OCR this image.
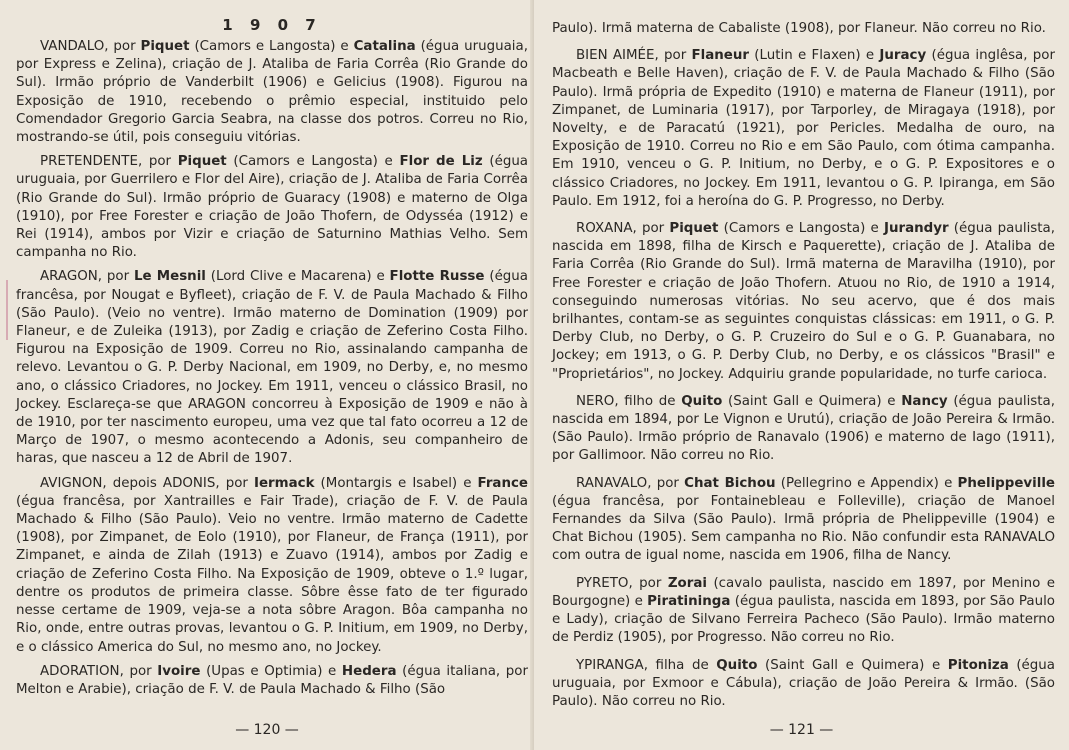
1 9 0 7

VANDALO, por Piquet (Camors e Langosta) e Catalina (égua uruguaia, por Express e Zelina), criação de J. Ataliba de Faria Corrêa (Rio Grande do Sul). Irmão próprio de Vanderbilt (1906) e Gelicius (1908). Figurou na Exposição de 1910, recebendo o prêmio especial, instituido pelo Comendador Gregorio Garcia Seabra, na classe dos potros. Correu no Rio, mostrando-se útil, pois conseguiu vitórias.

PRETENDENTE, por Piquet (Camors e Langosta) e Flor de Liz (égua uruguaia, por Guerrilero e Flor del Aire), criação de J. Ataliba de Faria Corrêa (Rio Grande do Sul). Irmão próprio de Guaracy (1908) e materno de Olga (1910), por Free Forester e criação de João Thofern, de Odysséa (1912) e Rei (1914), ambos por Vizir e criação de Saturnino Mathias Velho. Sem campanha no Rio.

ARAGON, por Le Mesnil (Lord Clive e Macarena) e Flotte Russe (égua francêsa, por Nougat e Byfleet), criação de F. V. de Paula Machado & Filho (São Paulo). (Veio no ventre). Irmão materno de Domination (1909) por Flaneur, e de Zuleika (1913), por Zadig e criação de Zeferino Costa Filho. Figurou na Exposição de 1909. Correu no Rio, assinalando campanha de relevo. Levantou o G. P. Derby Nacional, em 1909, no Derby, e, no mesmo ano, o clássico Criadores, no Jockey. Em 1911, venceu o clássico Brasil, no Jockey. Esclareça-se que ARAGON concorreu à Exposição de 1909 e não à de 1910, por ter nascimento europeu, uma vez que tal fato ocorreu a 12 de Março de 1907, o mesmo acontecendo a Adonis, seu companheiro de haras, que nasceu a 12 de Abril de 1907.

AVIGNON, depois ADONIS, por Iermack (Montargis e Isabel) e France (égua francêsa, por Xantrailles e Fair Trade), criação de F. V. de Paula Machado & Filho (São Paulo). Veio no ventre. Irmão materno de Cadette (1908), por Zimpanet, de Eolo (1910), por Flaneur, de França (1911), por Zimpanet, e ainda de Zilah (1913) e Zuavo (1914), ambos por Zadig e criação de Zeferino Costa Filho. Na Exposição de 1909, obteve o 1.º lugar, dentre os produtos de primeira classe. Sôbre êsse fato de ter figurado nesse certame de 1909, veja-se a nota sôbre Aragon. Bôa campanha no Rio, onde, entre outras provas, levantou o G. P. Initium, em 1909, no Derby, e o clássico America do Sul, no mesmo ano, no Jockey.

ADORATION, por Ivoire (Upas e Optimia) e Hedera (égua italiana, por Melton e Arabie), criação de F. V. de Paula Machado & Filho (São

— 120 —

Paulo). Irmã materna de Cabaliste (1908), por Flaneur. Não correu no Rio.

BIEN AIMÉE, por Flaneur (Lutin e Flaxen) e Juracy (égua inglêsa, por Macbeath e Belle Haven), criação de F. V. de Paula Machado & Filho (São Paulo). Irmã própria de Expedito (1910) e materna de Flaneur (1911), por Zimpanet, de Luminaria (1917), por Tarporley, de Miragaya (1918), por Novelty, e de Paracatú (1921), por Pericles. Medalha de ouro, na Exposição de 1910. Correu no Rio e em São Paulo, com ótima campanha. Em 1910, venceu o G. P. Initium, no Derby, e o G. P. Expositores e o clássico Criadores, no Jockey. Em 1911, levantou o G. P. Ipiranga, em São Paulo. Em 1912, foi a heroína do G. P. Progresso, no Derby.

ROXANA, por Piquet (Camors e Langosta) e Jurandyr (égua paulista, nascida em 1898, filha de Kirsch e Paquerette), criação de J. Ataliba de Faria Corrêa (Rio Grande do Sul). Irmã materna de Maravilha (1910), por Free Forester e criação de João Thofern. Atuou no Rio, de 1910 a 1914, conseguindo numerosas vitórias. No seu acervo, que é dos mais brilhantes, contam-se as seguintes conquistas clássicas: em 1911, o G. P. Derby Club, no Derby, o G. P. Cruzeiro do Sul e o G. P. Guanabara, no Jockey; em 1913, o G. P. Derby Club, no Derby, e os clássicos "Brasil" e "Proprietários", no Jockey. Adquiriu grande popularidade, no turfe carioca.

NERO, filho de Quito (Saint Gall e Quimera) e Nancy (égua paulista, nascida em 1894, por Le Vignon e Urutú), criação de João Pereira & Irmão. (São Paulo). Irmão próprio de Ranavalo (1906) e materno de Iago (1911), por Gallimoor. Não correu no Rio.

RANAVALO, por Chat Bichou (Pellegrino e Appendix) e Phelippeville (égua francêsa, por Fontainebleau e Folleville), criação de Manoel Fernandes da Silva (São Paulo). Irmã própria de Phelippeville (1904) e Chat Bichou (1905). Sem campanha no Rio. Não confundir esta RANAVALO com outra de igual nome, nascida em 1906, filha de Nancy.

PYRETO, por Zorai (cavalo paulista, nascido em 1897, por Menino e Bourgogne) e Piratininga (égua paulista, nascida em 1893, por São Paulo e Lady), criação de Silvano Ferreira Pacheco (São Paulo). Irmão materno de Perdiz (1905), por Progresso. Não correu no Rio.

YPIRANGA, filha de Quito (Saint Gall e Quimera) e Pitoniza (égua uruguaia, por Exmoor e Cábula), criação de João Pereira & Irmão. (São Paulo). Não correu no Rio.

— 121 —
